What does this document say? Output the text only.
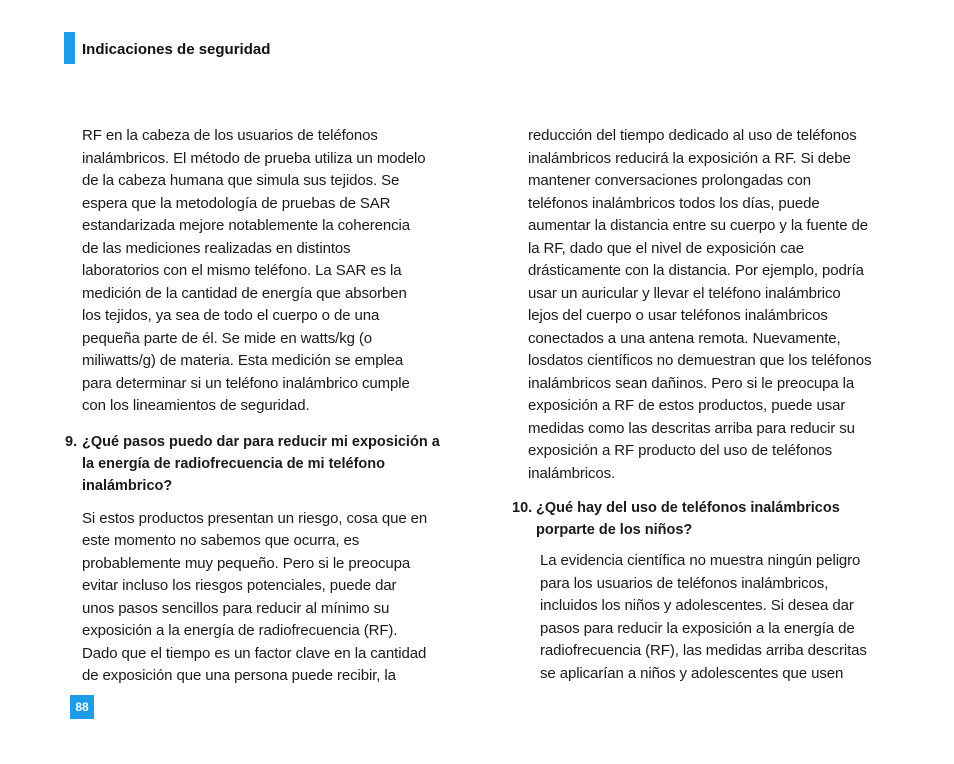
Indicaciones de seguridad

RF en la cabeza de los usuarios de teléfonos
inalámbricos. El método de prueba utiliza un modelo
de la cabeza humana que simula sus tejidos. Se
espera que la metodología de pruebas de SAR
estandarizada mejore notablemente la coherencia
de las mediciones realizadas en distintos
laboratorios con el mismo teléfono. La SAR es la
medición de la cantidad de energía que absorben
los tejidos, ya sea de todo el cuerpo o de una
pequeña parte de él. Se mide en watts/kg (o
miliwatts/g) de materia. Esta medición se emplea
para determinar si un teléfono inalámbrico cumple
con los lineamientos de seguridad.

9. ¿Qué pasos puedo dar para reducir mi exposición a
la energía de radiofrecuencia de mi teléfono
inalámbrico?

Si estos productos presentan un riesgo, cosa que en
este momento no sabemos que ocurra, es
probablemente muy pequeño. Pero si le preocupa
evitar incluso los riesgos potenciales, puede dar
unos pasos sencillos para reducir al mínimo su
exposición a la energía de radiofrecuencia (RF).
Dado que el tiempo es un factor clave en la cantidad
de exposición que una persona puede recibir, la

reducción del tiempo dedicado al uso de teléfonos
inalámbricos reducirá la exposición a RF. Si debe
mantener conversaciones prolongadas con
teléfonos inalámbricos todos los días, puede
aumentar la distancia entre su cuerpo y la fuente de
la RF, dado que el nivel de exposición cae
drásticamente con la distancia. Por ejemplo, podría
usar un auricular y llevar el teléfono inalámbrico
lejos del cuerpo o usar teléfonos inalámbricos
conectados a una antena remota. Nuevamente,
losdatos científicos no demuestran que los teléfonos
inalámbricos sean dañinos. Pero si le preocupa la
exposición a RF de estos productos, puede usar
medidas como las descritas arriba para reducir su
exposición a RF producto del uso de teléfonos
inalámbricos.

10. ¿Qué hay del uso de teléfonos inalámbricos
porparte de los niños?

La evidencia científica no muestra ningún peligro
para los usuarios de teléfonos inalámbricos,
incluidos los niños y adolescentes. Si desea dar
pasos para reducir la exposición a la energía de
radiofrecuencia (RF), las medidas arriba descritas
se aplicarían a niños y adolescentes que usen

88
